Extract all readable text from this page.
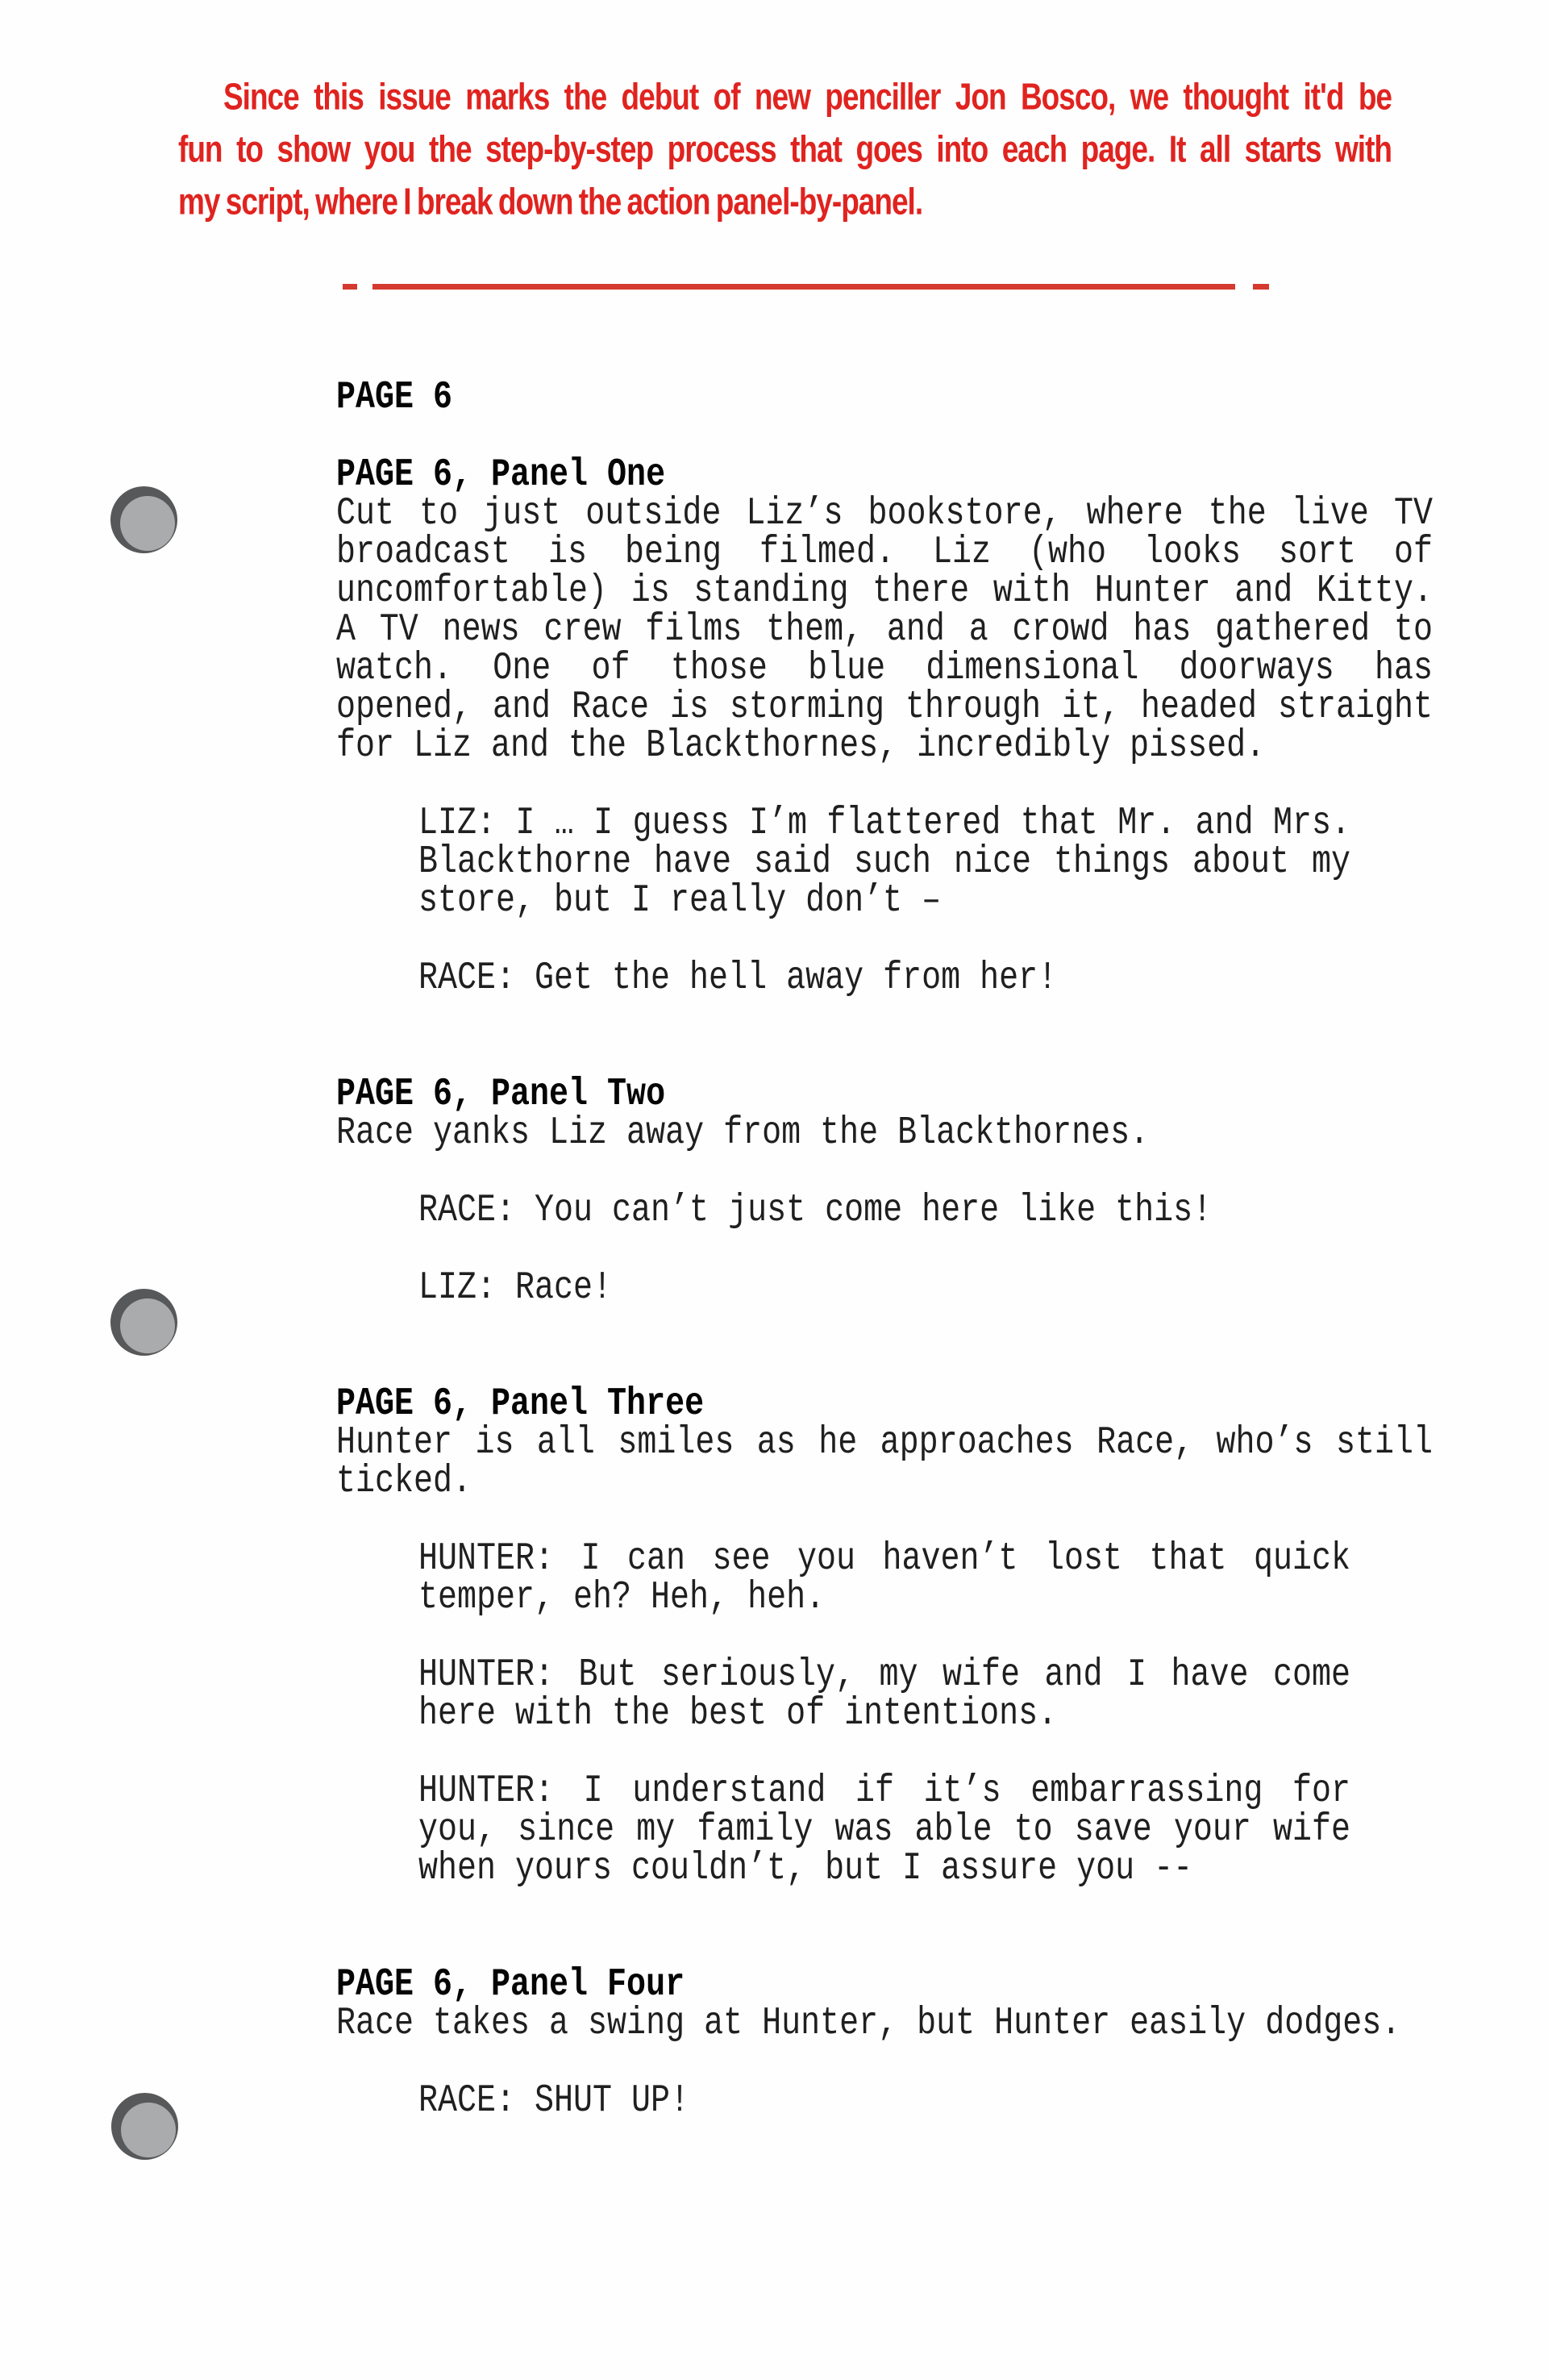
Since this issue marks the debut of new penciller Jon Bosco, we thought it'd be
fun to show you the step-by-step process that goes into each page. It all starts with
my script, where I break down the action panel-by-panel.

PAGE 6

PAGE 6, Panel One

Cut to just outside Liz’s bookstore, where the live TV broadcast is being filmed. Liz (who looks sort of uncomfortable) is standing there with Hunter and Kitty. A TV news crew films them, and a crowd has gathered to watch. One of those blue dimensional doorways has opened, and Race is storming through it, headed straight for Liz and the Blackthornes, incredibly pissed.

LIZ: I … I guess I’m flattered that Mr. and Mrs. Blackthorne have said such nice things about my store, but I really don’t –

RACE: Get the hell away from her!

PAGE 6, Panel Two

Race yanks Liz away from the Blackthornes.

RACE: You can’t just come here like this!

LIZ: Race!

PAGE 6, Panel Three

Hunter is all smiles as he approaches Race, who’s still ticked.

HUNTER: I can see you haven’t lost that quick temper, eh? Heh, heh.

HUNTER: But seriously, my wife and I have come here with the best of intentions.

HUNTER: I understand if it’s embarrassing for you, since my family was able to save your wife when yours couldn’t, but I assure you --

PAGE 6, Panel Four

Race takes a swing at Hunter, but Hunter easily dodges.

RACE: SHUT UP!
